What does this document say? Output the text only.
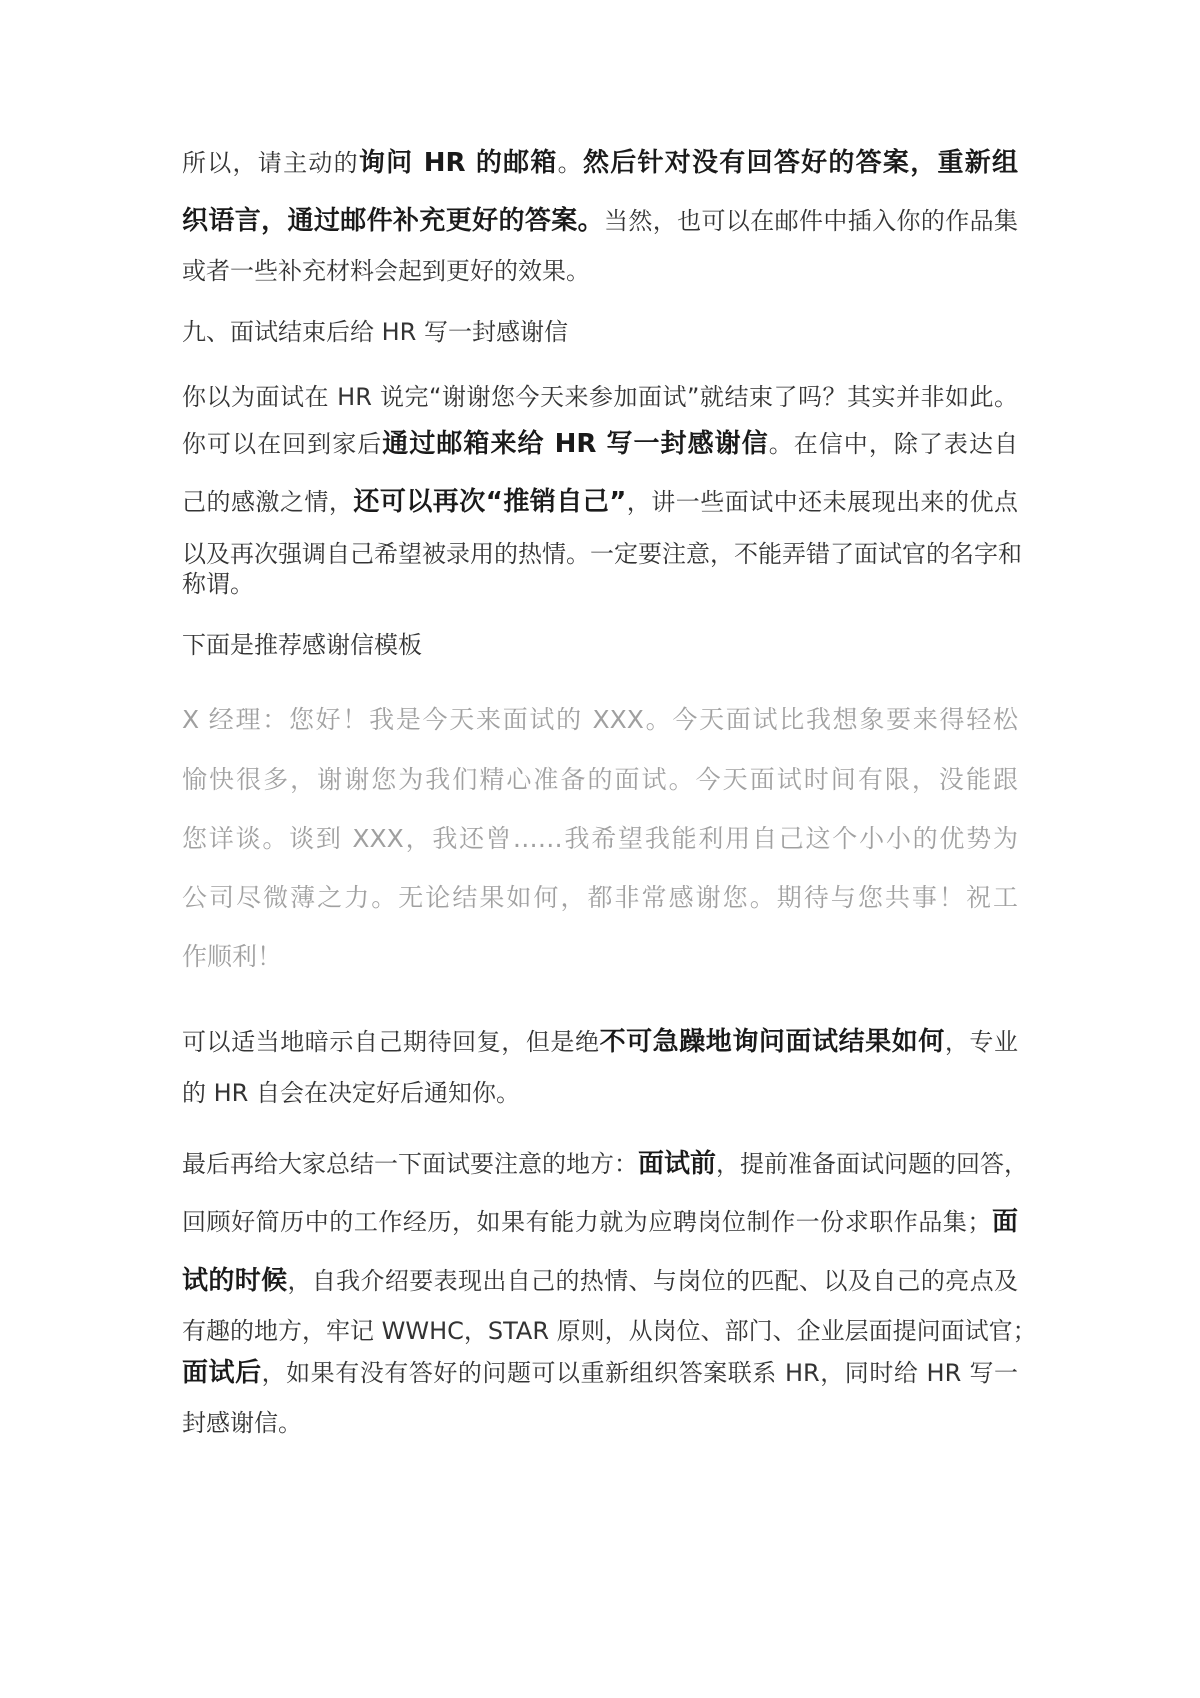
所以，请主动的询问 HR 的邮箱。然后针对没有回答好的答案，重新组
织语言，通过邮件补充更好的答案。当然，也可以在邮件中插入你的作品集
或者一些补充材料会起到更好的效果。
九、面试结束后给 HR 写一封感谢信
你以为面试在 HR 说完“谢谢您今天来参加面试”就结束了吗？其实并非如此。
你可以在回到家后通过邮箱来给 HR 写一封感谢信。在信中，除了表达自
己的感激之情，还可以再次“推销自己”，讲一些面试中还未展现出来的优点
以及再次强调自己希望被录用的热情。一定要注意，不能弄错了面试官的名字和
称谓。
下面是推荐感谢信模板
X 经理：您好！我是今天来面试的 XXX。今天面试比我想象要来得轻松
愉快很多，谢谢您为我们精心准备的面试。今天面试时间有限，没能跟
您详谈。谈到 XXX，我还曾……我希望我能利用自己这个小小的优势为
公司尽微薄之力。无论结果如何，都非常感谢您。期待与您共事！祝工
作顺利！
可以适当地暗示自己期待回复，但是绝不可急躁地询问面试结果如何，专业
的 HR 自会在决定好后通知你。
最后再给大家总结一下面试要注意的地方：面试前，提前准备面试问题的回答，
回顾好简历中的工作经历，如果有能力就为应聘岗位制作一份求职作品集；面
试的时候，自我介绍要表现出自己的热情、与岗位的匹配、以及自己的亮点及
有趣的地方，牢记 WWHC，STAR 原则，从岗位、部门、企业层面提问面试官；
面试后，如果有没有答好的问题可以重新组织答案联系 HR，同时给 HR 写一
封感谢信。
